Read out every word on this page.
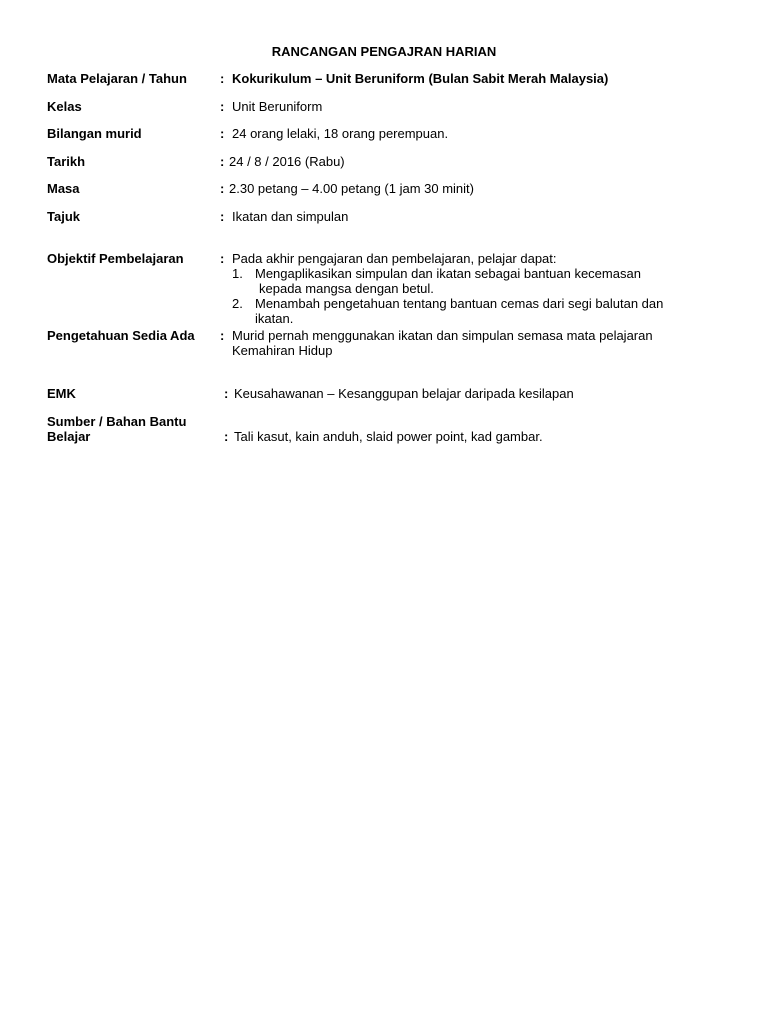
RANCANGAN PENGAJRAN HARIAN
Mata Pelajaran / Tahun	: Kokurikulum – Unit Beruniform (Bulan Sabit Merah Malaysia)
Kelas	: Unit Beruniform
Bilangan murid	: 24 orang lelaki, 18 orang perempuan.
Tarikh	: 24 / 8 / 2016 (Rabu)
Masa	: 2.30 petang – 4.00 petang (1 jam 30 minit)
Tajuk	: Ikatan dan simpulan
Objektif Pembelajaran	: Pada akhir pengajaran dan pembelajaran, pelajar dapat:
1. Mengaplikasikan simpulan dan ikatan sebagai bantuan kecemasan
kepada mangsa dengan betul.
2. Menambah pengetahuan tentang bantuan cemas dari segi balutan dan
ikatan.
Pengetahuan Sedia Ada : Murid pernah menggunakan ikatan dan simpulan semasa mata pelajaran
Kemahiran Hidup
EMK	: Keusahawanan – Kesanggupan belajar daripada kesilapan
Sumber / Bahan Bantu
Belajar	: Tali kasut, kain anduh, slaid power point, kad gambar.
